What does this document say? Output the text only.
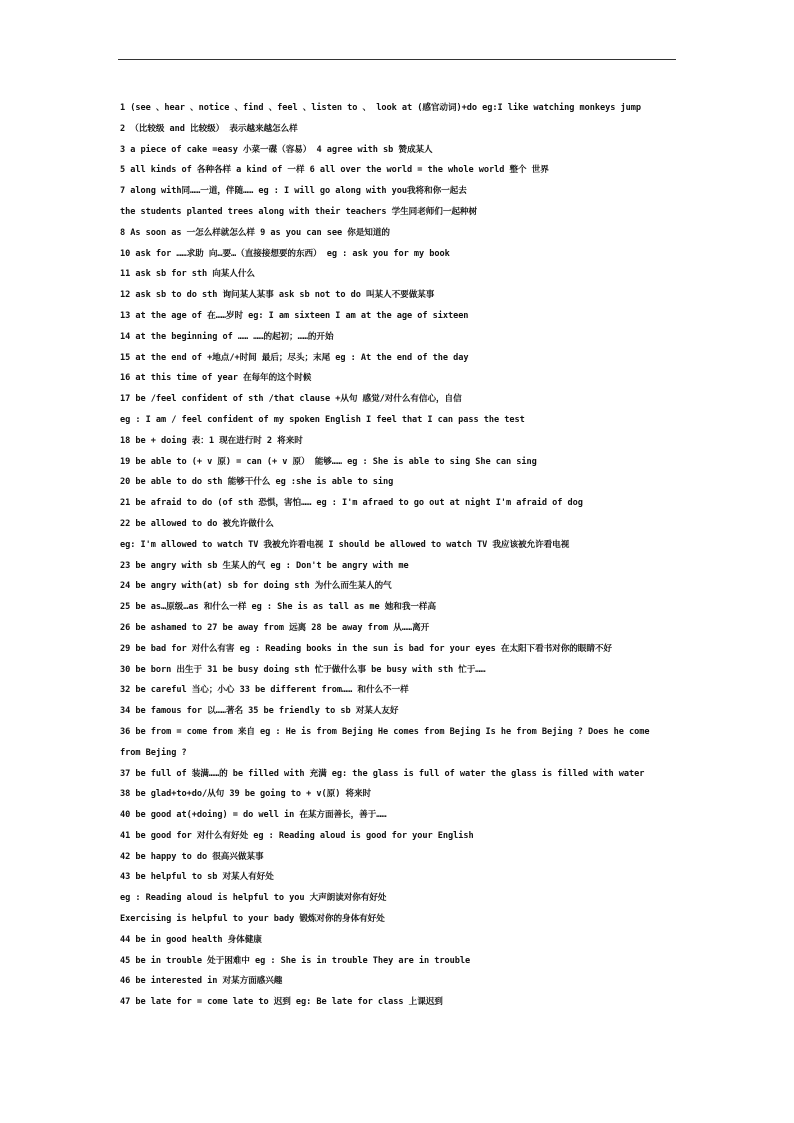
1 (see 、hear 、notice 、find 、feel 、listen to 、 look at (感官动词)+do eg:I like watching monkeys jump
2 （比较级 and 比较级） 表示越来越怎么样
3 a piece of cake =easy 小菜一碟（容易） 4 agree with sb 赞成某人
5 all kinds of 各种各样 a kind of 一样 6 all over the world = the whole world 整个 世界
7 along with同……一道，伴随…… eg : I will go along with you我将和你一起去
the students planted trees along with their teachers 学生同老师们一起种树
8 As soon as 一怎么样就怎么样 9 as you can see 你是知道的
10 ask for ……求助 向…要…（直接接想要的东西） eg : ask you for my book
11 ask sb for sth 向某人什么
12 ask sb to do sth 询问某人某事 ask sb not to do 叫某人不要做某事
13 at the age of 在……岁时 eg: I am sixteen I am at the age of sixteen
14 at the beginning of …… ……的起初；……的开始
15 at the end of +地点/+时间 最后；尽头；末尾 eg : At the end of the day
16 at this time of year 在每年的这个时候
17 be /feel confident of sth /that clause +从句 感觉/对什么有信心，自信
eg : I am / feel confident of my spoken English I feel that I can pass the test
18 be + doing 表：1 现在进行时 2 将来时
19 be able to (+ v 原) = can (+ v 原） 能够…… eg : She is able to sing She can sing
20 be able to do sth 能够干什么 eg :she is able to sing
21 be afraid to do (of sth 恐惧，害怕…… eg : I'm afraed to go out at night I'm afraid of dog
22 be allowed to do 被允许做什么
eg: I'm allowed to watch TV 我被允许看电视 I should be allowed to watch TV 我应该被允许看电视
23 be angry with sb 生某人的气 eg : Don't be angry with me
24 be angry with(at) sb for doing sth 为什么而生某人的气
25 be as…原级…as 和什么一样 eg : She is as tall as me 她和我一样高
26 be ashamed to 27 be away from 远离 28 be away from 从……离开
29 be bad for 对什么有害 eg : Reading books in the sun is bad for your eyes 在太阳下看书对你的眼睛不好
30 be born 出生于 31 be busy doing sth 忙于做什么事 be busy with sth 忙于……
32 be careful 当心；小心 33 be different from…… 和什么不一样
34 be famous for 以……著名 35 be friendly to sb 对某人友好
36 be from = come from 来自 eg : He is from Bejing He comes from Bejing Is he from Bejing ? Does he come
from Bejing ?
37 be full of 装满……的 be filled with 充满 eg: the glass is full of water the glass is filled with water
38 be glad+to+do/从句 39 be going to + v(原) 将来时
40 be good at(+doing) = do well in 在某方面善长，善于……
41 be good for 对什么有好处 eg : Reading aloud is good for your English
42 be happy to do 很高兴做某事
43 be helpful to sb 对某人有好处
eg : Reading aloud is helpful to you 大声朗读对你有好处
Exercising is helpful to your bady 锻炼对你的身体有好处
44 be in good health 身体健康
45 be in trouble 处于困难中 eg : She is in trouble They are in trouble
46 be interested in 对某方面感兴趣
47 be late for = come late to 迟到 eg: Be late for class 上课迟到
